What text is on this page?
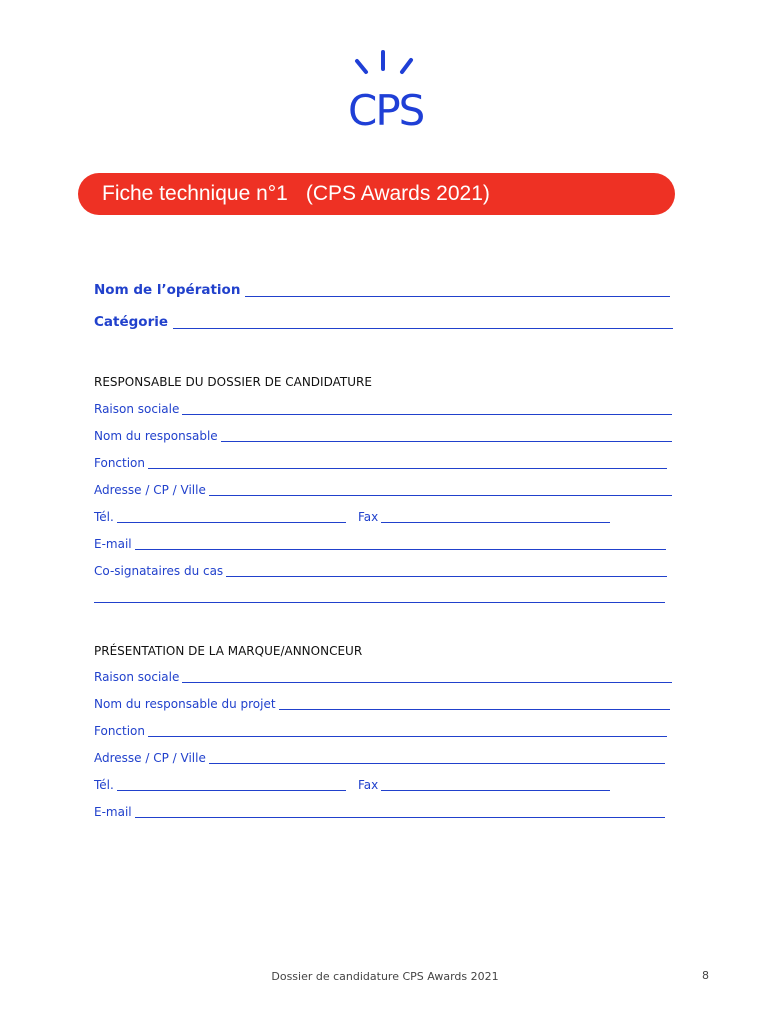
CPS
Fiche technique n°1 (CPS Awards 2021)
Nom de l’opération
Catégorie
RESPONSABLE DU DOSSIER DE CANDIDATURE
Raison sociale
Nom du responsable
Fonction
Adresse / CP / Ville
Tél.	Fax
E-mail
Co-signataires du cas
PRÉSENTATION DE LA MARQUE/ANNONCEUR
Raison sociale
Nom du responsable du projet
Fonction
Adresse / CP / Ville
Tél.	Fax
E-mail
Dossier de candidature CPS Awards 2021	8
